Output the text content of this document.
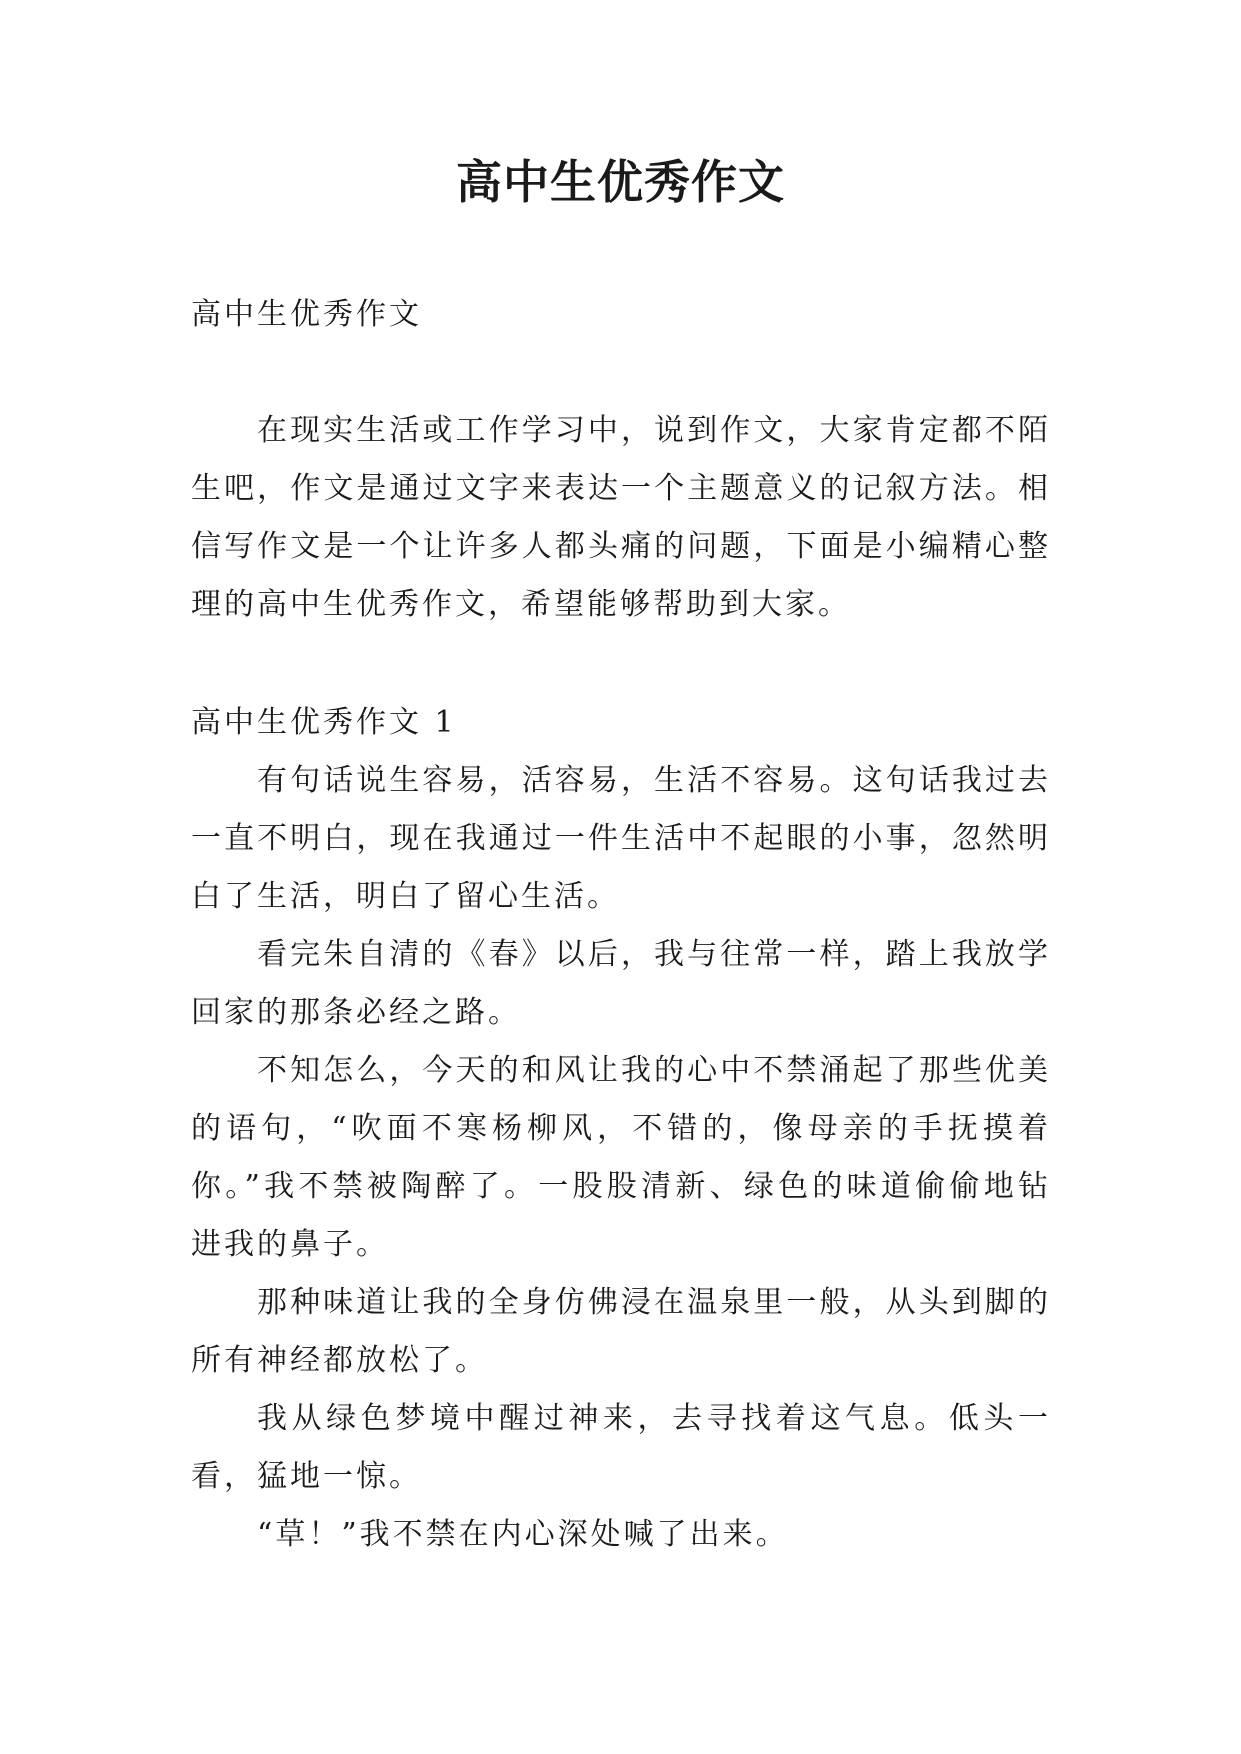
高中生优秀作文

高中生优秀作文

在现实生活或工作学习中，说到作文，大家肯定都不陌生吧，作文是通过文字来表达一个主题意义的记叙方法。相信写作文是一个让许多人都头痛的问题，下面是小编精心整理的高中生优秀作文，希望能够帮助到大家。

高中生优秀作文 1

有句话说生容易，活容易，生活不容易。这句话我过去一直不明白，现在我通过一件生活中不起眼的小事，忽然明白了生活，明白了留心生活。

看完朱自清的《春》以后，我与往常一样，踏上我放学回家的那条必经之路。

不知怎么，今天的和风让我的心中不禁涌起了那些优美的语句，“吹面不寒杨柳风，不错的，像母亲的手抚摸着你。”我不禁被陶醉了。一股股清新、绿色的味道偷偷地钻进我的鼻子。

那种味道让我的全身仿佛浸在温泉里一般，从头到脚的所有神经都放松了。

我从绿色梦境中醒过神来，去寻找着这气息。低头一看，猛地一惊。

“草！”我不禁在内心深处喊了出来。
